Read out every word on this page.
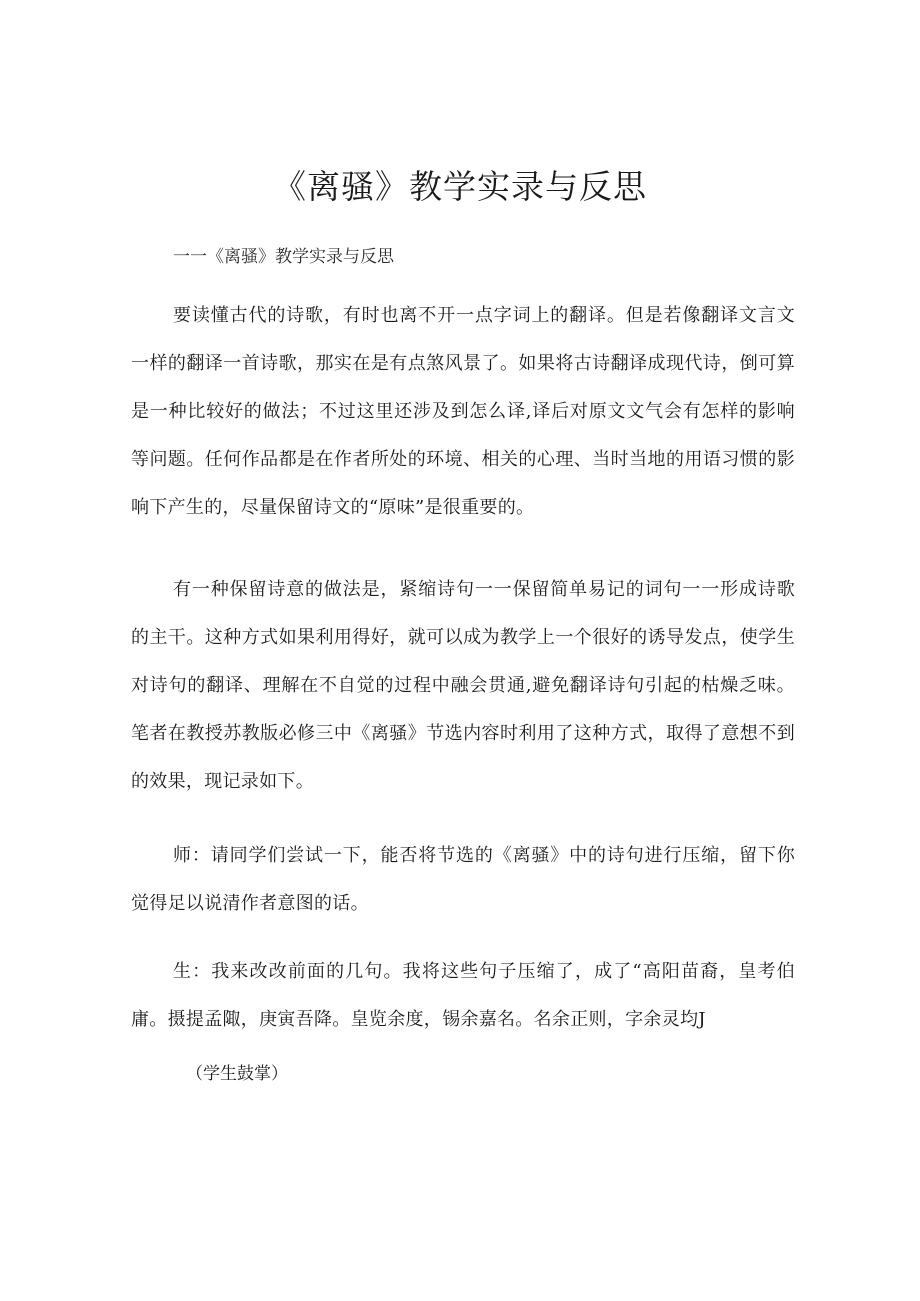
《离骚》教学实录与反思

一一《离骚》教学实录与反思

要读懂古代的诗歌，有时也离不开一点字词上的翻译。但是若像翻译文言文一样的翻译一首诗歌，那实在是有点煞风景了。如果将古诗翻译成现代诗，倒可算是一种比较好的做法；不过这里还涉及到怎么译,译后对原文文气会有怎样的影响等问题。任何作品都是在作者所处的环境、相关的心理、当时当地的用语习惯的影响下产生的，尽量保留诗文的“原味”是很重要的。

有一种保留诗意的做法是，紧缩诗句一一保留简单易记的词句一一形成诗歌的主干。这种方式如果利用得好，就可以成为教学上一个很好的诱导发点，使学生对诗句的翻译、理解在不自觉的过程中融会贯通,避免翻译诗句引起的枯燥乏味。笔者在教授苏教版必修三中《离骚》节选内容时利用了这种方式，取得了意想不到的效果，现记录如下。

师：请同学们尝试一下，能否将节选的《离骚》中的诗句进行压缩，留下你觉得足以说清作者意图的话。

生：我来改改前面的几句。我将这些句子压缩了，成了“高阳苗裔，皇考伯庸。摄提孟陬，庚寅吾降。皇览余度，锡余嘉名。名余正则，字余灵均J

（学生鼓掌）
